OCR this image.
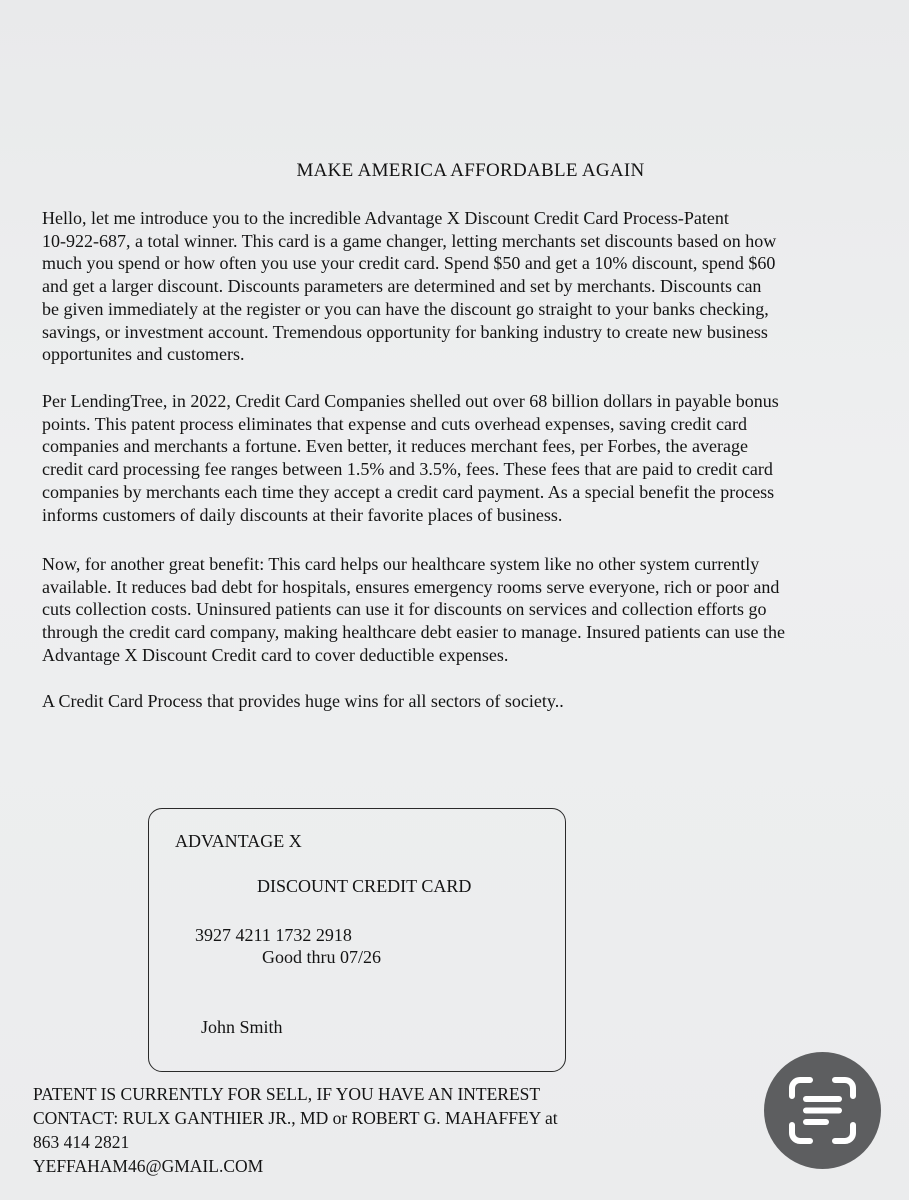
MAKE AMERICA AFFORDABLE AGAIN

Hello, let me introduce you to the incredible Advantage X Discount Credit Card Process-Patent

10-922-687, a total winner. This card is a game changer, letting merchants set discounts based on how

much you spend or how often you use your credit card. Spend $50 and get a 10% discount, spend $60

and get a larger discount. Discounts parameters are determined and set by merchants. Discounts can

be given immediately at the register or you can have the discount go straight to your banks checking,

savings, or investment account. Tremendous opportunity for banking industry to create new business

opportunites and customers.

Per LendingTree, in 2022, Credit Card Companies shelled out over 68 billion dollars in payable bonus

points. This patent process eliminates that expense and cuts overhead expenses, saving credit card

companies and merchants a fortune. Even better, it reduces merchant fees, per Forbes, the average

credit card processing fee ranges between 1.5% and 3.5%, fees. These fees that are paid to credit card

companies by merchants each time they accept a credit card payment. As a special benefit the process

informs customers of daily discounts at their favorite places of business.

Now, for another great benefit: This card helps our healthcare system like no other system currently

available. It reduces bad debt for hospitals, ensures emergency rooms serve everyone, rich or poor and

cuts collection costs. Uninsured patients can use it for discounts on services and collection efforts go

through the credit card company, making healthcare debt easier to manage. Insured patients can use the

Advantage X Discount Credit card to cover deductible expenses.

A Credit Card Process that provides huge wins for all sectors of society..

ADVANTAGE X
DISCOUNT CREDIT CARD
3927 4211 1732 2918
Good thru 07/26
John Smith

PATENT IS CURRENTLY FOR SELL, IF YOU HAVE AN INTEREST

CONTACT: RULX GANTHIER JR., MD or ROBERT G. MAHAFFEY at

863 414 2821

YEFFAHAM46@GMAIL.COM
